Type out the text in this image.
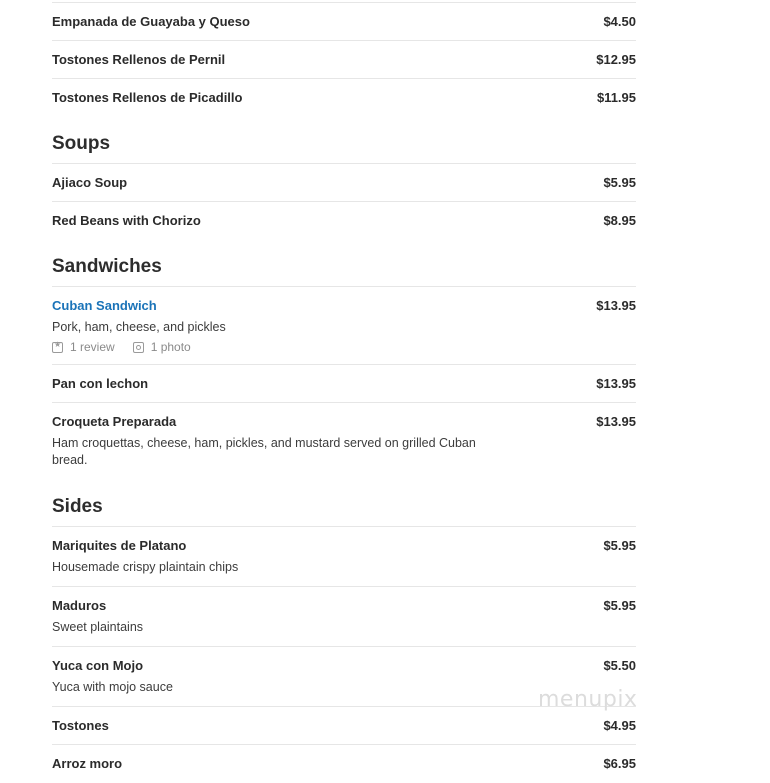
Empanada de Guayaba y Queso	$4.50
Tostones Rellenos de Pernil	$12.95
Tostones Rellenos de Picadillo	$11.95
Soups
Ajiaco Soup	$5.95
Red Beans with Chorizo	$8.95
Sandwiches
Cuban Sandwich	$13.95
Pork, ham, cheese, and pickles
★
1 review	1 photo
Pan con lechon	$13.95
Croqueta Preparada	$13.95
Ham croquettas, cheese, ham, pickles, and mustard served on grilled Cuban bread.
Sides
Mariquites de Platano	$5.95
Housemade crispy plaintain chips
Maduros	$5.95
Sweet plaintains
Yuca con Mojo	$5.50
Yuca with mojo sauce
Tostones	$4.95
Arroz moro	$6.95
menupix
